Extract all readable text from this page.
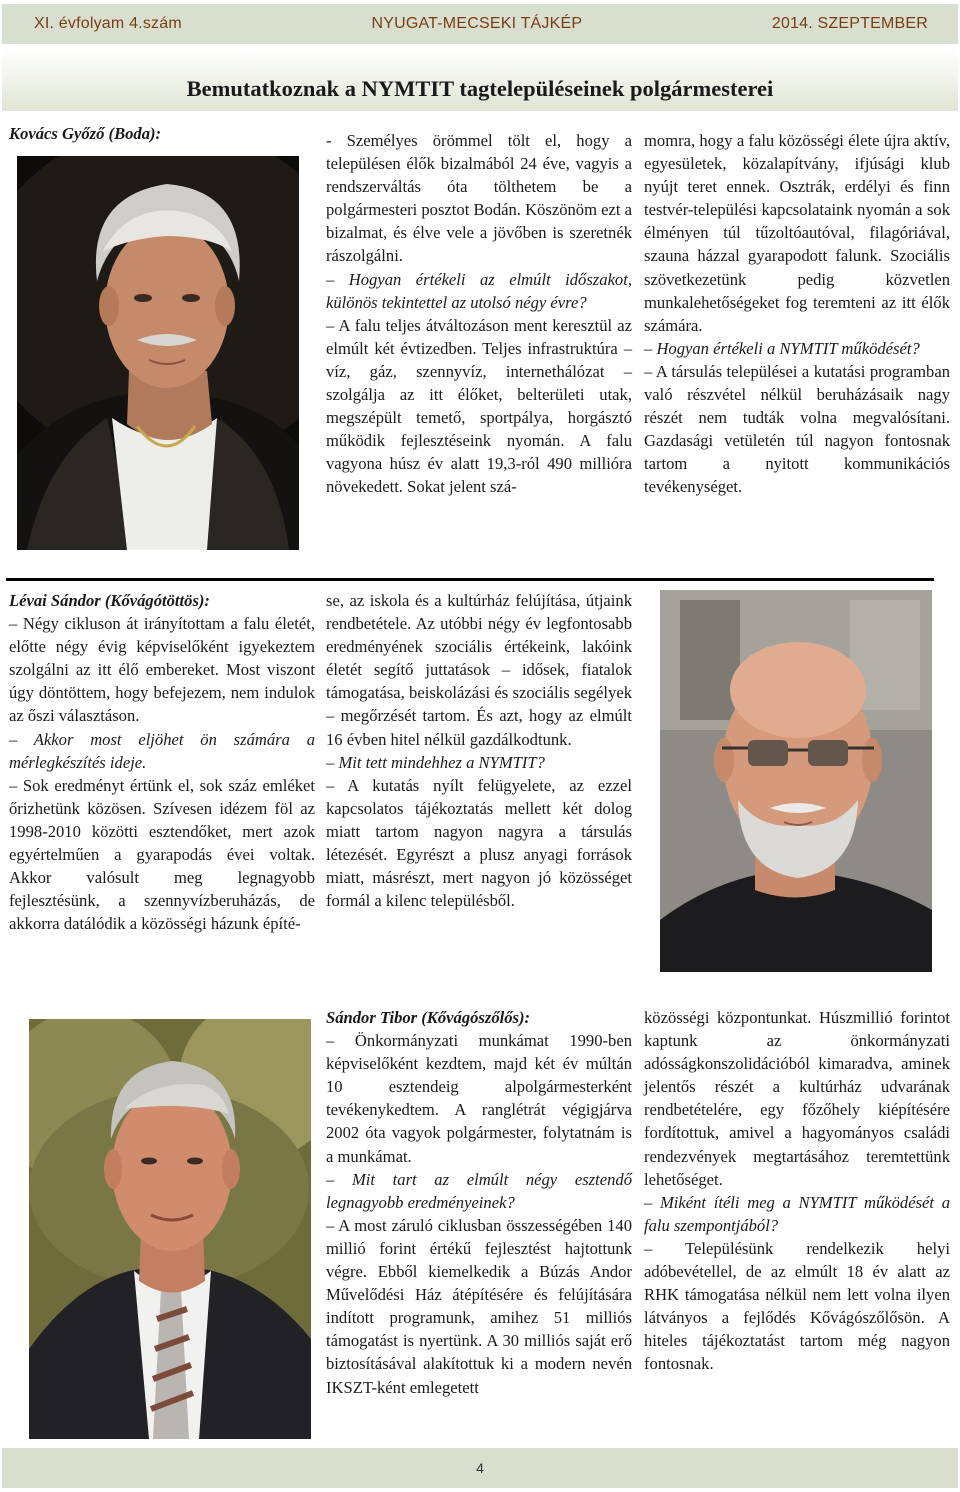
XI. évfolyam 4.szám	NYUGAT-MECSEKI TÁJKÉP	2014. SZEPTEMBER
Bemutatkoznak a NYMTIT tagtelepüléseinek polgármesterei

Kovács Győző (Boda):	- Személyes örömmel tölt el, hogy a településen élők bizalmából 24 éve, vagyis a rendszerváltás óta tölthetem be a polgármesteri posztot Bodán. Köszönöm ezt a bizalmat, és élve vele a jövőben is szeretnék rászolgálni.

– Hogyan értékeli az elmúlt időszakot, különös tekintettel az utolsó négy évre?

– A falu teljes átváltozáson ment keresztül az elmúlt két évtizedben. Teljes infrastruktúra – víz, gáz, szennyvíz, internethálózat – szolgálja az itt élőket, belterületi utak, megszépült temető, sportpálya, horgásztó működik fejlesztéseink nyomán. A falu vagyona húsz év alatt 19,3-ról 490 millióra növekedett. Sokat jelent szá-

momra, hogy a falu közösségi élete újra aktív, egyesületek, közalapítvány, ifjúsági klub nyújt teret ennek. Osztrák, erdélyi és finn testvér-települési kapcsolataink nyomán a sok élményen túl tűzoltóautóval, filagóriával, szauna házzal gyarapodott falunk. Szociális szövetkezetünk pedig közvetlen munkalehetőségeket fog teremteni az itt élők számára.

– Hogyan értékeli a NYMTIT működését?

– A társulás települései a kutatási programban való részvétel nélkül beruházásaik nagy részét nem tudták volna megvalósítani. Gazdasági vetületén túl nagyon fontosnak tartom a nyitott kommunikációs tevékenységet.

Lévai Sándor (Kővágótöttös):

– Négy cikluson át irányítottam a falu életét, előtte négy évig képviselőként igyekeztem szolgálni az itt élő embereket. Most viszont úgy döntöttem, hogy befejezem, nem indulok az őszi választáson.

– Akkor most eljöhet ön számára a mérlegkészítés ideje.

– Sok eredményt értünk el, sok száz emléket őrizhetünk közösen. Szívesen idézem föl az 1998-2010 közötti esztendőket, mert azok egyértelműen a gyarapodás évei voltak. Akkor valósult meg legnagyobb fejlesztésünk, a szennyvízberuházás, de akkorra datálódik a közösségi házunk építé-

se, az iskola és a kultúrház felújítása, útjaink rendbetétele. Az utóbbi négy év legfontosabb eredményének szociális értékeink, lakóink életét segítő juttatások – idősek, fiatalok támogatása, beiskolázási és szociális segélyek – megőrzését tartom. És azt, hogy az elmúlt 16 évben hitel nélkül gazdálkodtunk.

– Mit tett mindehhez a NYMTIT?

– A kutatás nyílt felügyelete, az ezzel kapcsolatos tájékoztatás mellett két dolog miatt tartom nagyon nagyra a társulás létezését. Egyrészt a plusz anyagi források miatt, másrészt, mert nagyon jó közösséget formál a kilenc településből.

Sándor Tibor (Kővágószőlős):

– Önkormányzati munkámat 1990-ben képviselőként kezdtem, majd két év múltán 10 esztendeig alpolgármesterként tevékenykedtem. A ranglétrát végigjárva 2002 óta vagyok polgármester, folytatnám is a munkámat.

– Mit tart az elmúlt négy esztendő legnagyobb eredményeinek?

– A most záruló ciklusban összességében 140 millió forint értékű fejlesztést hajtottunk végre. Ebből kiemelkedik a Búzás Andor Művelődési Ház átépítésére és felújítására indított programunk, amihez 51 milliós támogatást is nyertünk. A 30 milliós saját erő biztosításával alakítottuk ki a modern nevén IKSZT-ként emlegetett

közösségi központunkat. Húszmillió forintot kaptunk az önkormányzati adósságkonszolidációból kimaradva, aminek jelentős részét a kultúrház udvarának rendbetételére, egy főzőhely kiépítésére fordítottuk, amivel a hagyományos családi rendezvények megtartásához teremtettünk lehetőséget.

– Miként ítéli meg a NYMTIT működését a falu szempontjából?

– Településünk rendelkezik helyi adóbevétellel, de az elmúlt 18 év alatt az RHK támogatása nélkül nem lett volna ilyen látványos a fejlődés Kővágószőlősön. A hiteles tájékoztatást tartom még nagyon fontosnak.

4
